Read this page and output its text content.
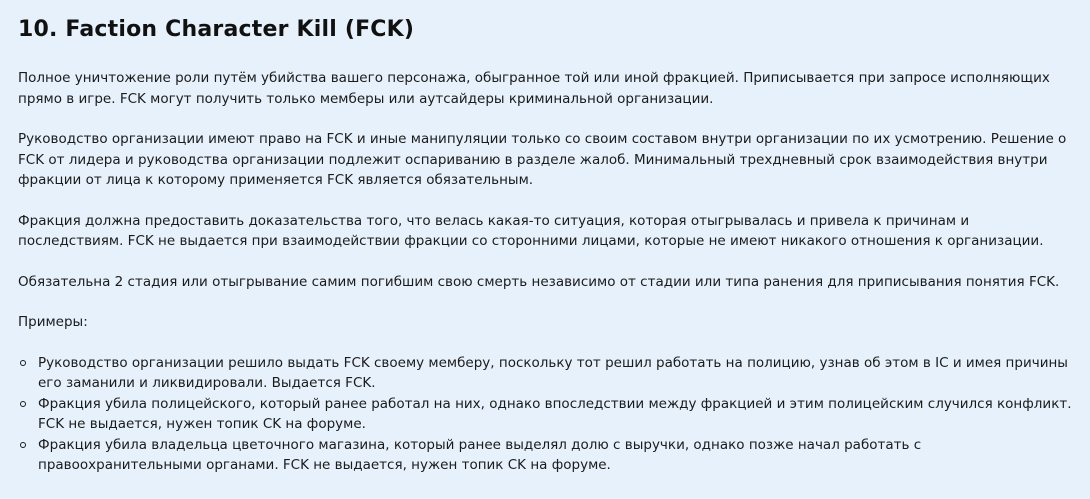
10. Faction Character Kill (FCK)

Полное уничтожение роли путём убийства вашего персонажа, обыгранное той или иной фракцией. Приписывается при запросе исполняющих прямо в игре. FCK могут получить только мемберы или аутсайдеры криминальной организации.

Руководство организации имеют право на FCK и иные манипуляции только со своим составом внутри организации по их усмотрению. Решение о FCK от лидера и руководства организации подлежит оспариванию в разделе жалоб. Минимальный трехдневный срок взаимодействия внутри фракции от лица к которому применяется FCK является обязательным.

Фракция должна предоставить доказательства того, что велась какая-то ситуация, которая отыгрывалась и привела к причинам и последствиям. FCK не выдается при взаимодействии фракции со сторонними лицами, которые не имеют никакого отношения к организации.

Обязательна 2 стадия или отыгрывание самим погибшим свою смерть независимо от стадии или типа ранения для приписывания понятия FCK.

Примеры:

Руководство организации решило выдать FCK своему мемберу, поскольку тот решил работать на полицию, узнав об этом в IC и имея причины его заманили и ликвидировали. Выдается FCK.
Фракция убила полицейского, который ранее работал на них, однако впоследствии между фракцией и этим полицейским случился конфликт. FCK не выдается, нужен топик CK на форуме.
Фракция убила владельца цветочного магазина, который ранее выделял долю с выручки, однако позже начал работать с правоохранительными органами. FCK не выдается, нужен топик CK на форуме.
